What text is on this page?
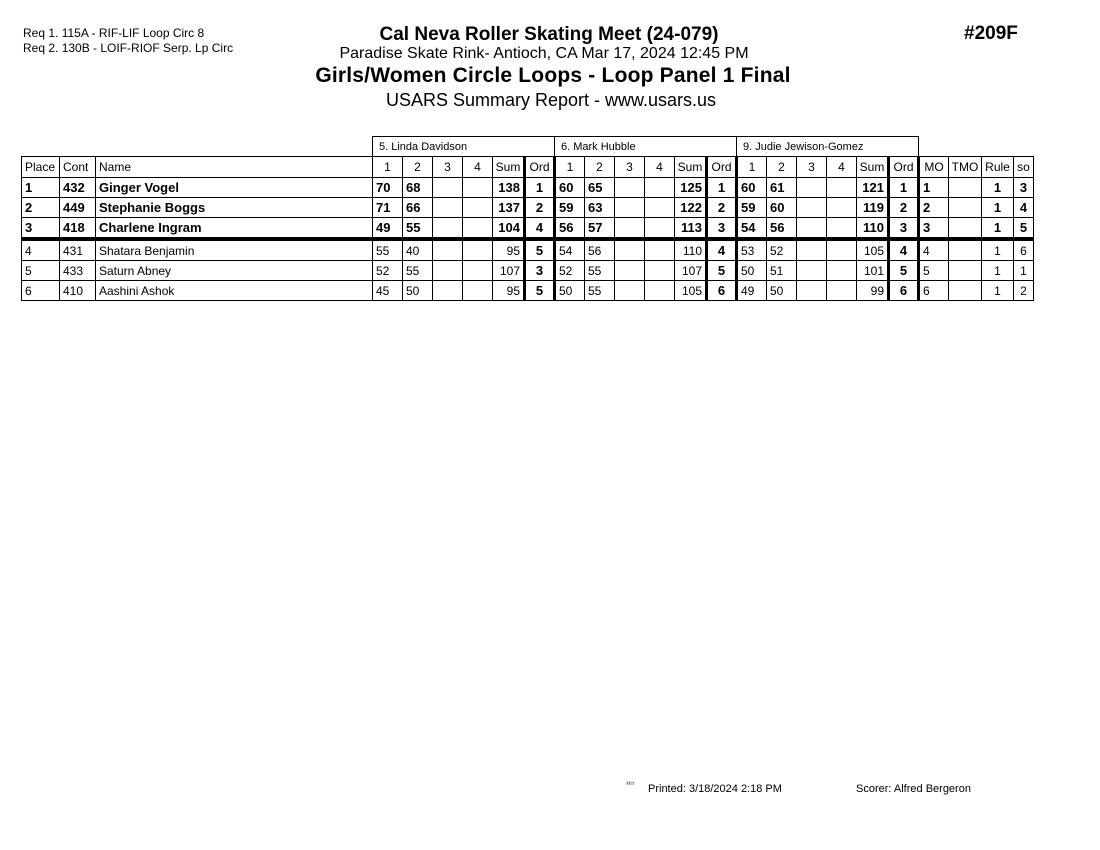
Req 1. 115A - RIF-LIF Loop Circ 8
Req 2. 130B - LOIF-RIOF Serp. Lp Circ
Cal Neva Roller Skating Meet (24-079)
Paradise Skate Rink- Antioch, CA Mar 17, 2024 12:45 PM
Girls/Women Circle Loops - Loop Panel 1 Final
USARS Summary Report - www.usars.us
#209F
			5. Linda Davidson						6. Mark Hubble						9. Judie Jewison-Gomez									
Place	Cont	Name	1	2	3	4	Sum	Ord	1	2	3	4	Sum	Ord	1	2	3	4	Sum	Ord	MO	TMO	Rule	so
1	432	Ginger Vogel	70	68			138	1	60	65			125	1	60	61			121	1	1		1	3
2	449	Stephanie Boggs	71	66			137	2	59	63			122	2	59	60			119	2	2		1	4
3	418	Charlene Ingram	49	55			104	4	56	57			113	3	54	56			110	3	3		1	5
4	431	Shatara Benjamin	55	40			95	5	54	56			110	4	53	52			105	4	4		1	6
5	433	Saturn Abney	52	55			107	3	52	55			107	5	50	51			101	5	5		1	1
6	410	Aashini Ashok	45	50			95	5	50	55			105	6	49	50			99	6	6		1	2
³³¹⁵ Printed: 3/18/2024 2:18 PM	Scorer: Alfred Bergeron
